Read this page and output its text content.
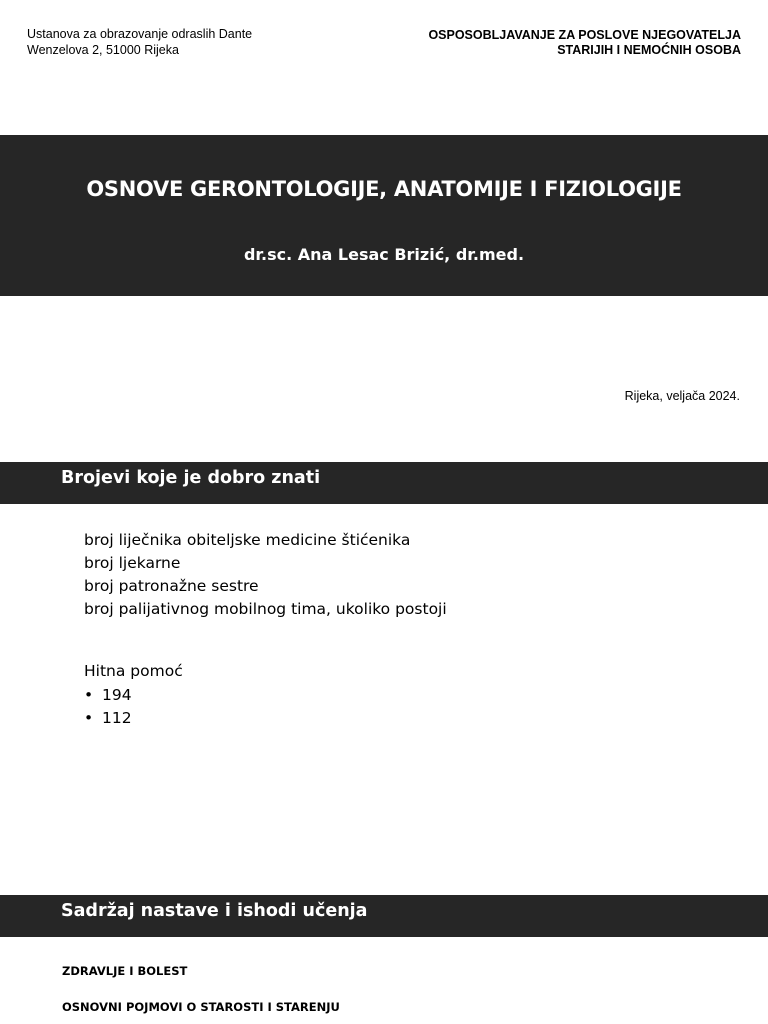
Ustanova za obrazovanje odraslih Dante
Wenzelova 2, 51000 Rijeka
OSPOSOBLJAVANJE ZA POSLOVE NJEGOVATELJA
STARIJIH I NEMOĆNIH OSOBA
OSNOVE GERONTOLOGIJE, ANATOMIJE I FIZIOLOGIJE
dr.sc. Ana Lesac Brizić, dr.med.
Rijeka, veljača 2024.
Brojevi koje je dobro znati
broj liječnika obiteljske medicine štićenika
broj ljekarne
broj patronažne sestre
broj palijativnog mobilnog tima, ukoliko postoji
Hitna pomoć
• 194
• 112
Sadržaj nastave i ishodi učenja
ZDRAVLJE I BOLEST
OSNOVNI POJMOVI O STAROSTI I STARENJU
